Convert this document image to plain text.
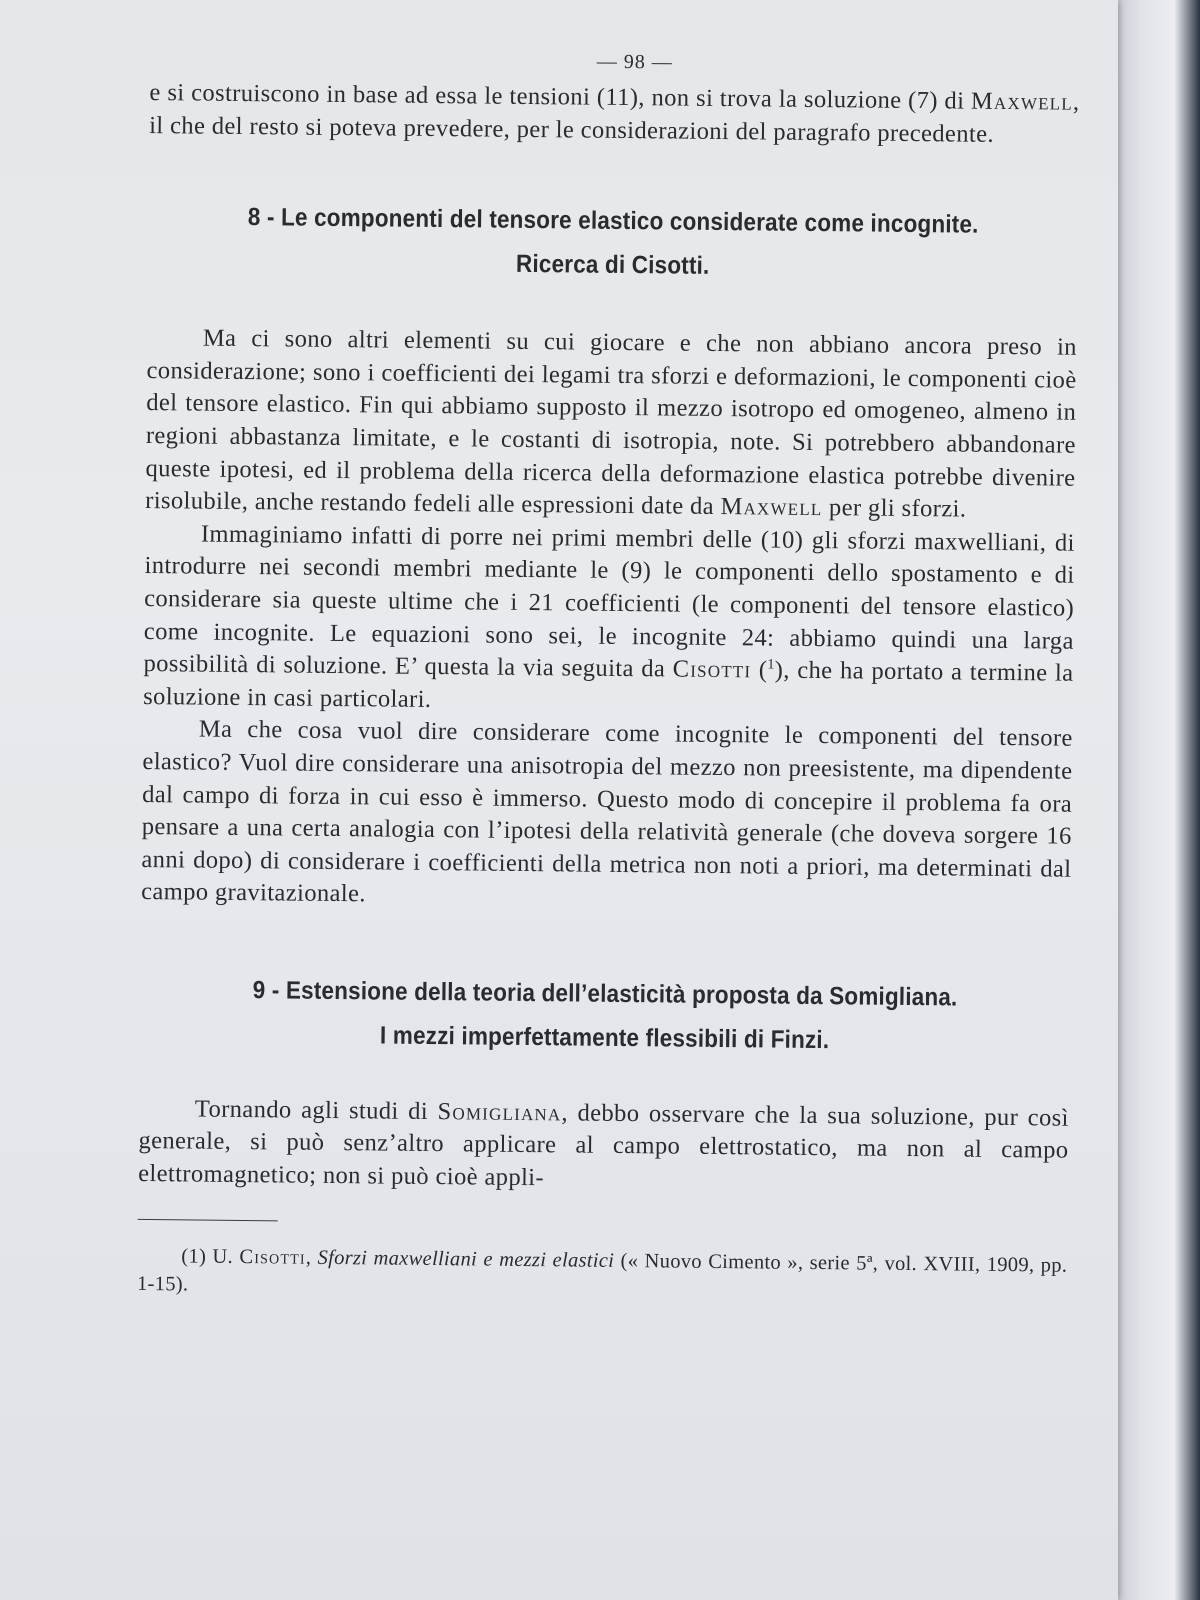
— 98 —

e si costruiscono in base ad essa le tensioni (11), non si trova la soluzione (7) di Maxwell, il che del resto si poteva prevedere, per le considerazioni del paragrafo precedente.

8 - Le componenti del tensore elastico considerate come incognite.
Ricerca di Cisotti.

Ma ci sono altri elementi su cui giocare e che non abbiano ancora preso in considerazione; sono i coefficienti dei legami tra sforzi e deformazioni, le componenti cioè del tensore elastico. Fin qui abbiamo supposto il mezzo isotropo ed omogeneo, almeno in regioni abbastanza limitate, e le costanti di isotropia, note. Si potrebbero abbandonare queste ipotesi, ed il problema della ricerca della deformazione elastica potrebbe divenire risolubile, anche restando fedeli alle espressioni date da Maxwell per gli sforzi.

Immaginiamo infatti di porre nei primi membri delle (10) gli sforzi maxwelliani, di introdurre nei secondi membri mediante le (9) le componenti dello spostamento e di considerare sia queste ultime che i 21 coefficienti (le componenti del tensore elastico) come incognite. Le equazioni sono sei, le incognite 24: abbiamo quindi una larga possibilità di soluzione. E’ questa la via seguita da Cisotti ($^1$), che ha portato a termine la soluzione in casi particolari.

Ma che cosa vuol dire considerare come incognite le componenti del tensore elastico? Vuol dire considerare una anisotropia del mezzo non preesistente, ma dipendente dal campo di forza in cui esso è immerso. Questo modo di concepire il problema fa ora pensare a una certa analogia con l’ipotesi della relatività generale (che doveva sorgere 16 anni dopo) di considerare i coefficienti della metrica non noti a priori, ma determinati dal campo gravitazionale.

9 - Estensione della teoria dell’elasticità proposta da Somigliana.
I mezzi imperfettamente flessibili di Finzi.

Tornando agli studi di Somigliana, debbo osservare che la sua soluzione, pur così generale, si può senz’altro applicare al campo elettrostatico, ma non al campo elettromagnetico; non si può cioè appli-

(1) U. Cisotti, Sforzi maxwelliani e mezzi elastici (« Nuovo Cimento », serie 5ª, vol. XVIII, 1909, pp. 1-15).
